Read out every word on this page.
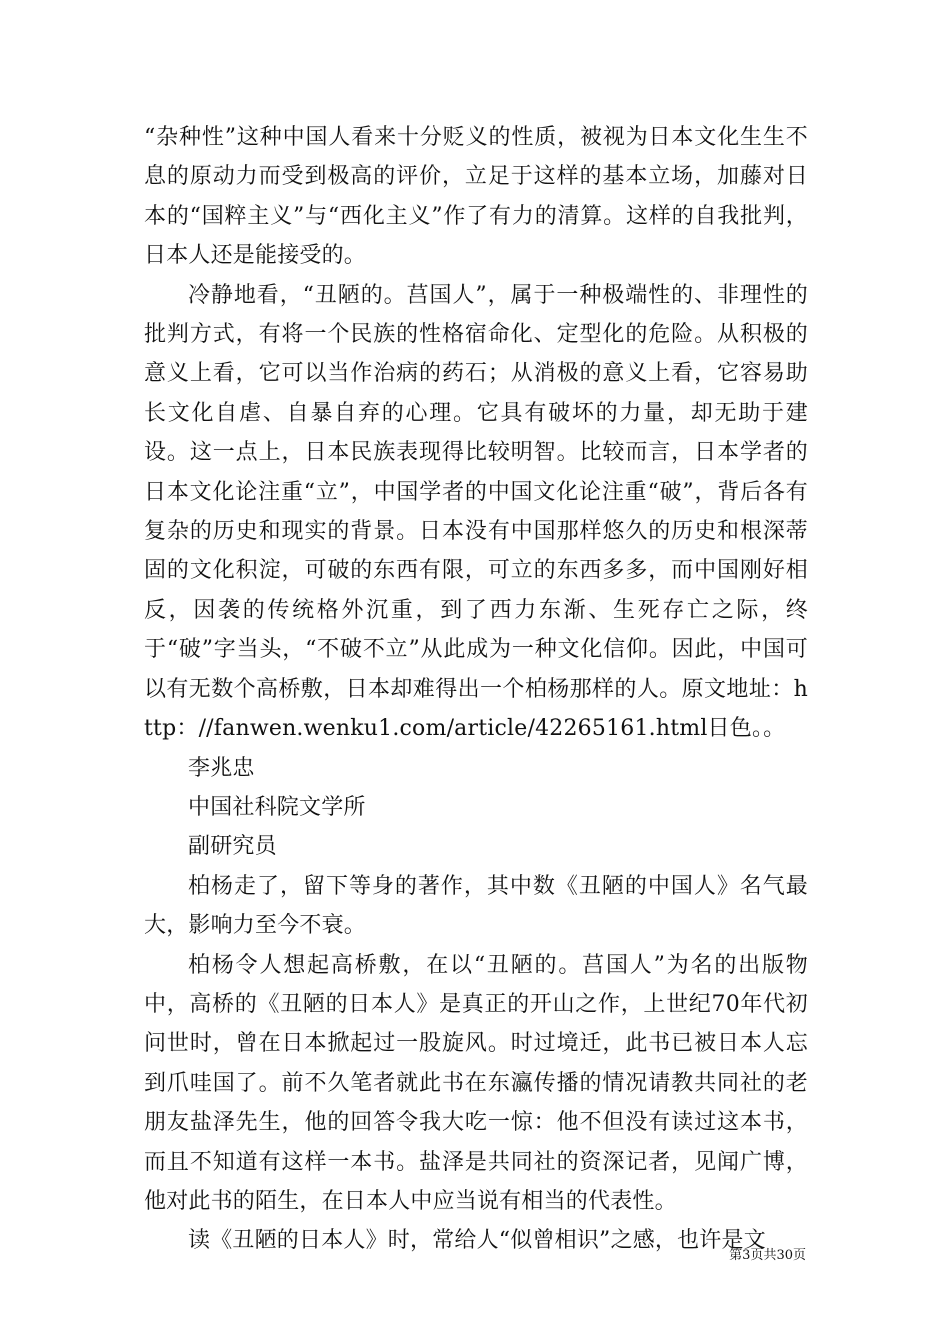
“杂种性”这种中国人看来十分贬义的性质，被视为日本文化生生不息的原动力而受到极高的评价，立足于这样的基本立场，加藤对日本的“国粹主义”与“西化主义”作了有力的清算。这样的自我批判，日本人还是能接受的。

冷静地看，“丑陋的。莒国人”，属于一种极端性的、非理性的批判方式，有将一个民族的性格宿命化、定型化的危险。从积极的意义上看，它可以当作治病的药石；从消极的意义上看，它容易助长文化自虐、自暴自弃的心理。它具有破坏的力量，却无助于建设。这一点上，日本民族表现得比较明智。比较而言，日本学者的日本文化论注重“立”，中国学者的中国文化论注重“破”，背后各有复杂的历史和现实的背景。日本没有中国那样悠久的历史和根深蒂固的文化积淀，可破的东西有限，可立的东西多多，而中国刚好相反，因袭的传统格外沉重，到了西力东渐、生死存亡之际，终于“破”字当头，“不破不立”从此成为一种文化信仰。因此，中国可以有无数个高桥敷，日本却难得出一个柏杨那样的人。原文地址：http：//fanwen.wenku1.com/article/42265161.html日色。。

李兆忠

中国社科院文学所

副研究员

柏杨走了，留下等身的著作，其中数《丑陋的中国人》名气最大，影响力至今不衰。

柏杨令人想起高桥敷，在以“丑陋的。莒国人”为名的出版物中，高桥的《丑陋的日本人》是真正的开山之作，上世纪70年代初问世时，曾在日本掀起过一股旋风。时过境迁，此书已被日本人忘到爪哇国了。前不久笔者就此书在东瀛传播的情况请教共同社的老朋友盐泽先生，他的回答令我大吃一惊：他不但没有读过这本书，而且不知道有这样一本书。盐泽是共同社的资深记者，见闻广博，他对此书的陌生，在日本人中应当说有相当的代表性。

读《丑陋的日本人》时，常给人“似曾相识”之感，也许是文

第3页共30页
